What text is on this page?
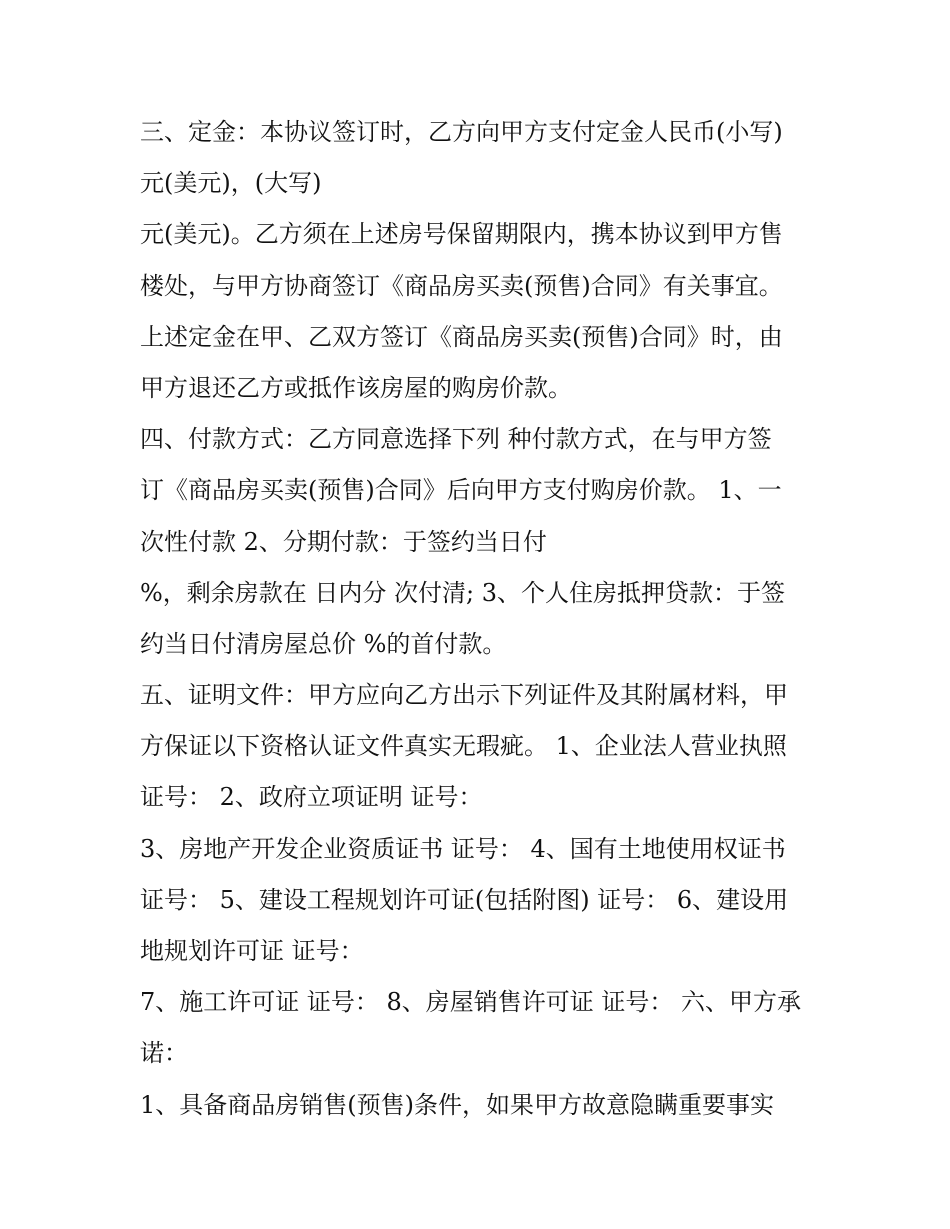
三、定金：本协议签订时，乙方向甲方支付定金人民币(小写)
元(美元)，(大写)
元(美元)。乙方须在上述房号保留期限内，携本协议到甲方售
楼处，与甲方协商签订《商品房买卖(预售)合同》有关事宜。
上述定金在甲、乙双方签订《商品房买卖(预售)合同》时，由
甲方退还乙方或抵作该房屋的购房价款。
四、付款方式：乙方同意选择下列 种付款方式，在与甲方签
订《商品房买卖(预售)合同》后向甲方支付购房价款。 1、一
次性付款 2、分期付款：于签约当日付
%，剩余房款在 日内分 次付清; 3、个人住房抵押贷款：于签
约当日付清房屋总价 %的首付款。
五、证明文件：甲方应向乙方出示下列证件及其附属材料，甲
方保证以下资格认证文件真实无瑕疵。 1、企业法人营业执照
证号： 2、政府立项证明 证号：
3、房地产开发企业资质证书 证号： 4、国有土地使用权证书
证号： 5、建设工程规划许可证(包括附图) 证号： 6、建设用
地规划许可证 证号：
7、施工许可证 证号： 8、房屋销售许可证 证号： 六、甲方承
诺：
1、具备商品房销售(预售)条件，如果甲方故意隐瞒重要事实
